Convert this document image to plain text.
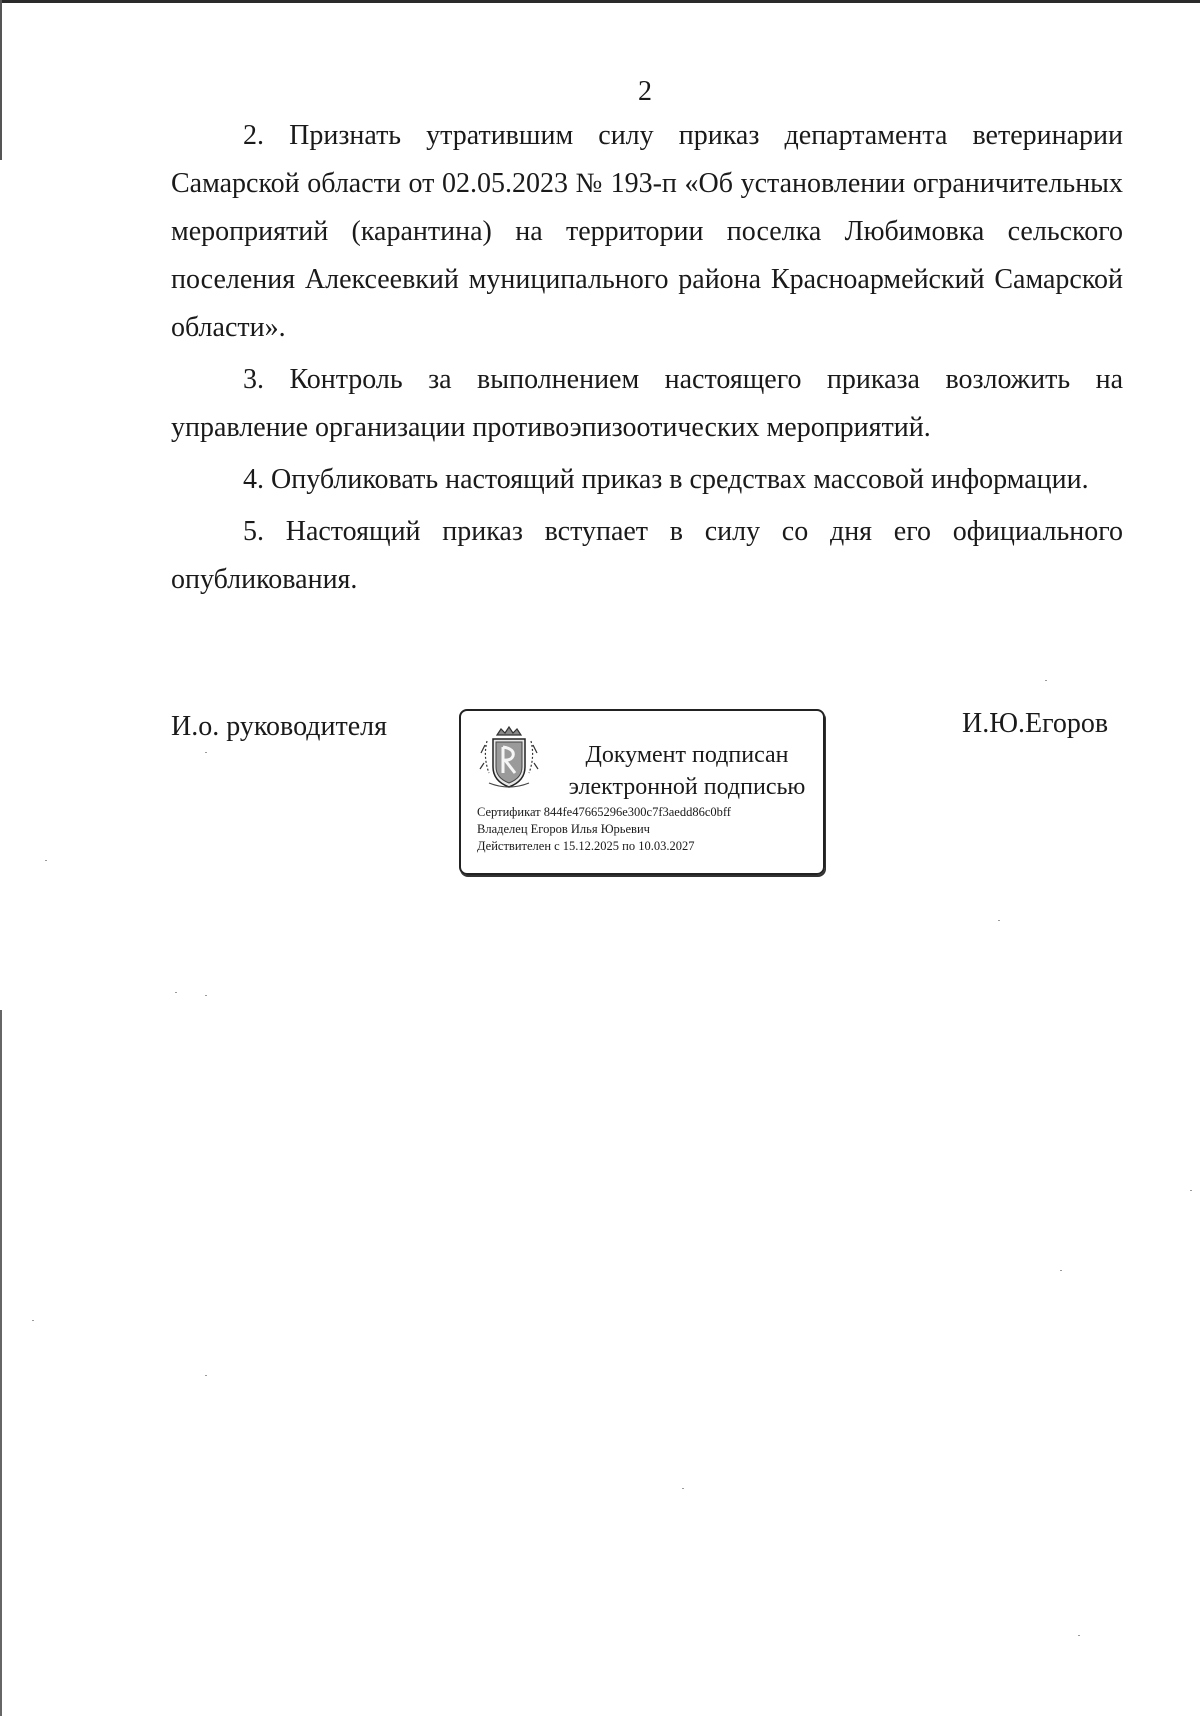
2

2. Признать утратившим силу приказ департамента ветеринарии Самарской области от 02.05.2023 № 193-п «Об установлении ограничительных мероприятий (карантина) на территории поселка Любимовка сельского поселения Алексеевкий муниципального района Красноармейский Самарской области».

3. Контроль за выполнением настоящего приказа возложить на управление организации противоэпизоотических мероприятий.

4. Опубликовать настоящий приказ в средствах массовой информации.

5. Настоящий приказ вступает в силу со дня его официального опубликования.

И.о. руководителя
Документ подписан
электронной подписью
Сертификат 844fe47665296e300c7f3aedd86c0bff
Владелец Егоров Илья Юрьевич
Действителен с 15.12.2025 по 10.03.2027
И.Ю.Егоров
